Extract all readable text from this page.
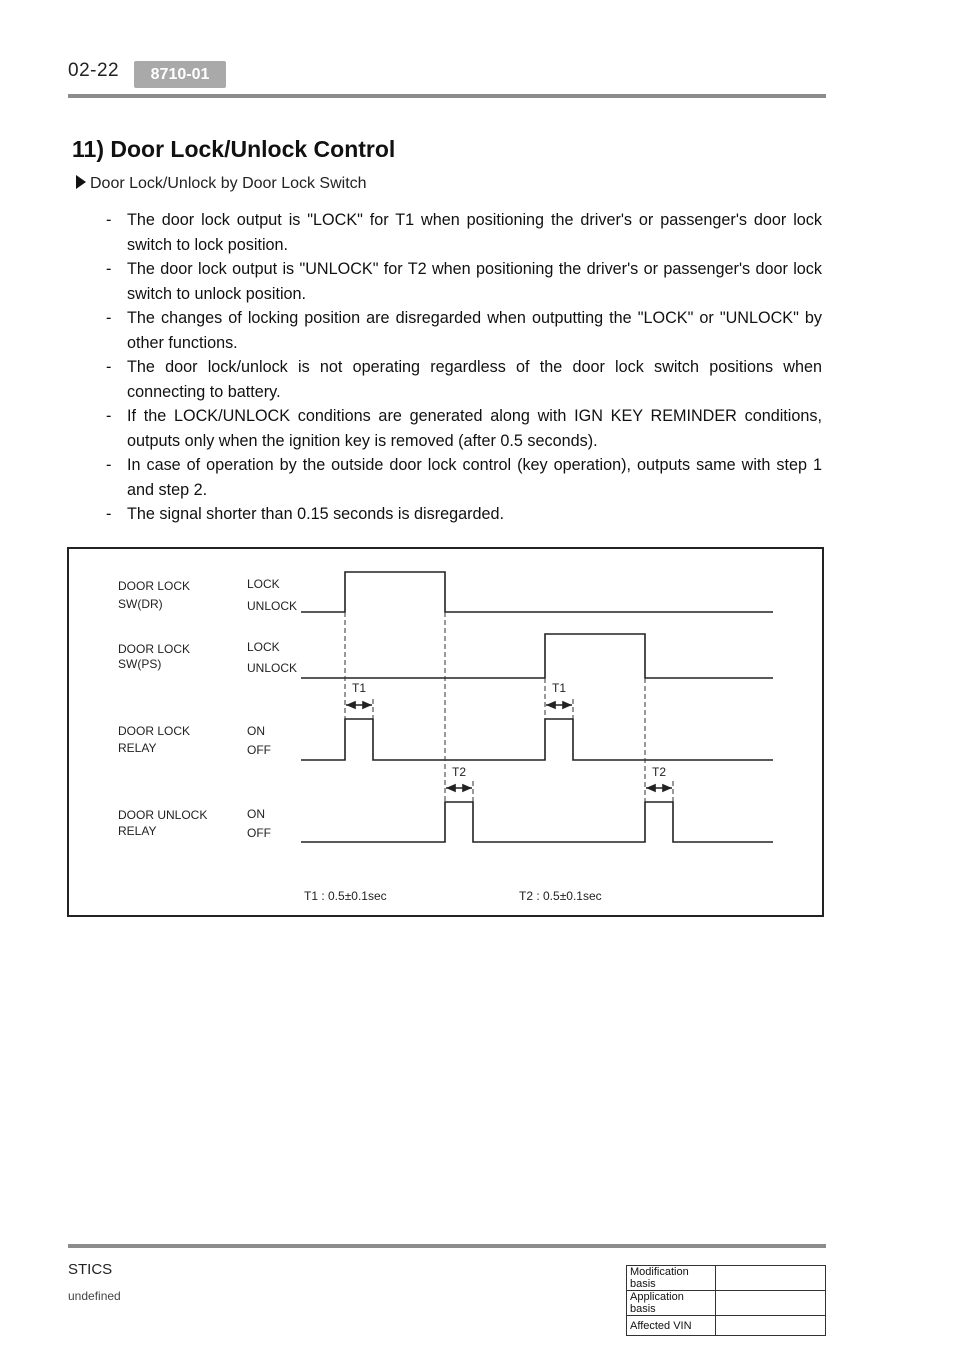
02-22	8710-01
11) Door Lock/Unlock Control
Door Lock/Unlock by Door Lock Switch
- The door lock output is "LOCK" for T1 when positioning the driver's or passenger's door lock switch to lock position.
- The door lock output is "UNLOCK" for T2 when positioning the driver's or passenger's door lock switch to unlock position.
- The changes of locking position are disregarded when outputting the "LOCK" or "UNLOCK" by other functions.
- The door lock/unlock is not operating regardless of the door lock switch positions when connecting to battery.
- If the LOCK/UNLOCK conditions are generated along with IGN KEY REMINDER conditions, outputs only when the ignition key is removed (after 0.5 seconds).
- In case of operation by the outside door lock control (key operation), outputs same with step 1 and step 2.
- The signal shorter than 0.15 seconds is disregarded.
DOOR LOCK
SW(DR)
DOOR LOCK
SW(PS)
DOOR LOCK
RELAY
DOOR UNLOCK
RELAY
LOCK
UNLOCK
LOCK
UNLOCK
ON
OFF
ON
OFF
T1	T1
T2	T2
T1 : 0.5±0.1sec	T2 : 0.5±0.1sec
STICS
undefined
Modification basis	
Application basis	
Affected VIN	
